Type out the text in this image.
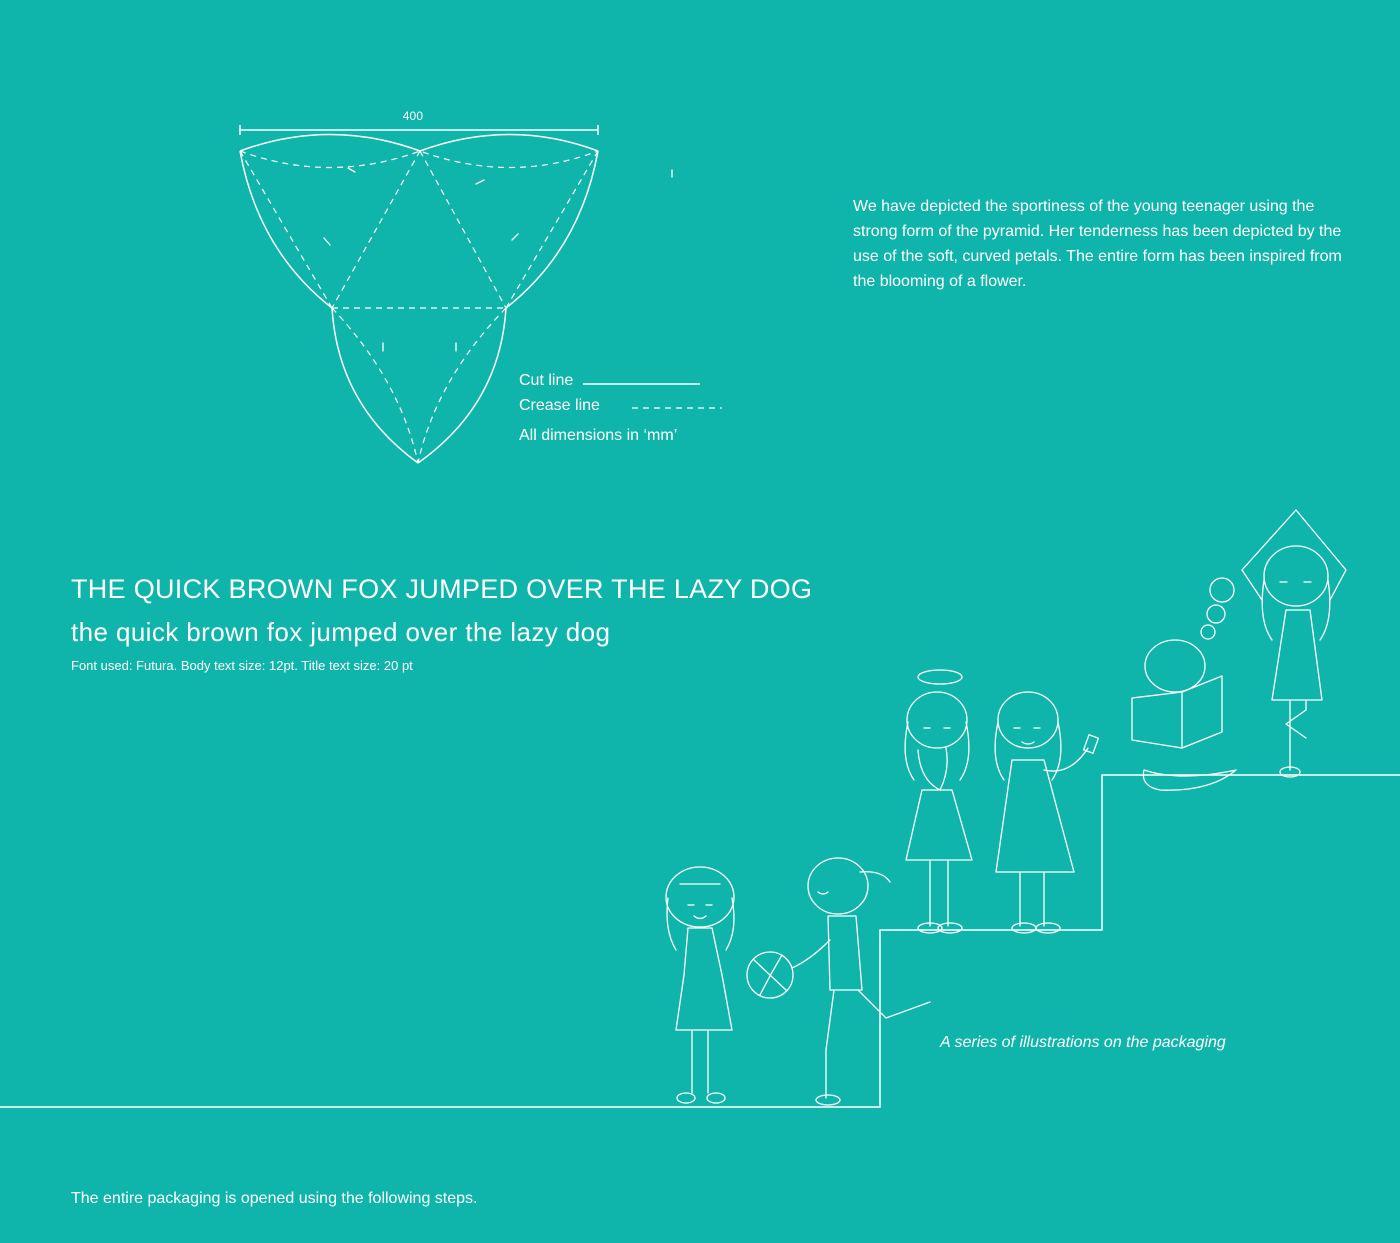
400
Cut line
Crease line
All dimensions in ‘mm’
We have depicted the sportiness of the young teenager using the strong form of the pyramid. Her tenderness has been depicted by the use of the soft, curved petals. The entire form has been inspired from the blooming of a flower.
THE QUICK BROWN FOX JUMPED OVER THE LAZY DOG
the quick brown fox jumped over the lazy dog
Font used: Futura. Body text size: 12pt. Title text size: 20 pt
A series of illustrations on the packaging
The entire packaging is opened using the following steps.
